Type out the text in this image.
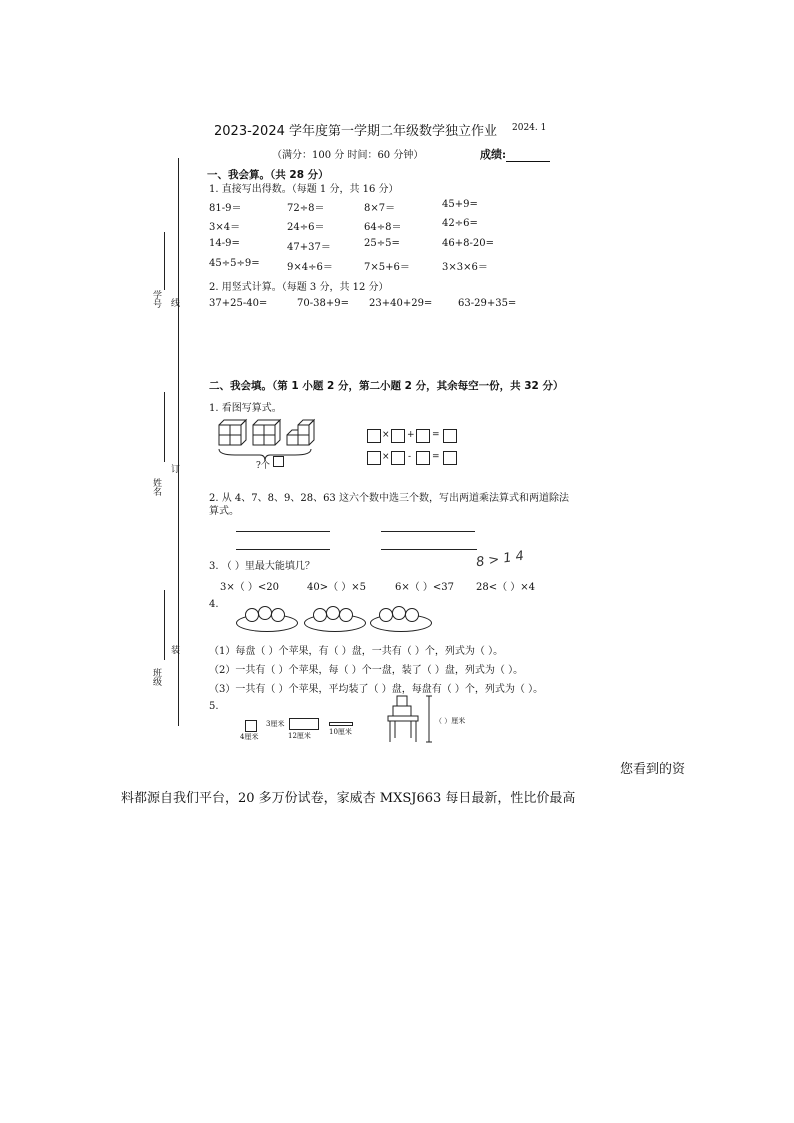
2023-2024 学年度第一学期二年级数学独立作业 2024. 1
（满分：100 分 时间：60 分钟）	成绩:
学号 线
姓名
订
班级
装
一、我会算。（共 28 分）
1. 直接写出得数。（每题 1 分，共 16 分）
81-9＝	72÷8＝	8×7＝	45+9=
3×4＝	24÷6＝	64÷8＝	42÷6=
14-9=	47+37＝	25÷5=	46+8-20=
45÷5÷9=	9×4÷6＝	7×5+6＝	3×3×6＝
2. 用竖式计算。（每题 3 分，共 12 分）
37+25-40=	70-38+9= 23+40+29=	63-29+35=
二、我会填。（第 1 小题 2 分，第二小题 2 分，其余每空一份，共 32 分）
1. 看图写算式。
?个
× + =
× - =
2. 从 4、7、8、9、28、63 这六个数中选三个数，写出两道乘法算式和两道除法
算式。
3. （ ）里最大能填几？	8 > 1 4
3×（ ）<20	40>（ ）×5	6×（ ）<37 28<（ ）×4
4.
（1）每盘（ ）个苹果，有（ ）盘，一共有（ ）个，列式为（ ）。
（2）一共有（ ）个苹果，每（ ）个一盘，装了（ ）盘，列式为（ ）。
（3）一共有（ ）个苹果，平均装了（ ）盘，每盘有（ ）个，列式为（ ）。
5.
4厘米
3厘米
12厘米	10厘米
（ ）厘米
您看到的资
料都源自我们平台，20 多万份试卷，家威杏 MXSJ663 每日最新，性比价最高
